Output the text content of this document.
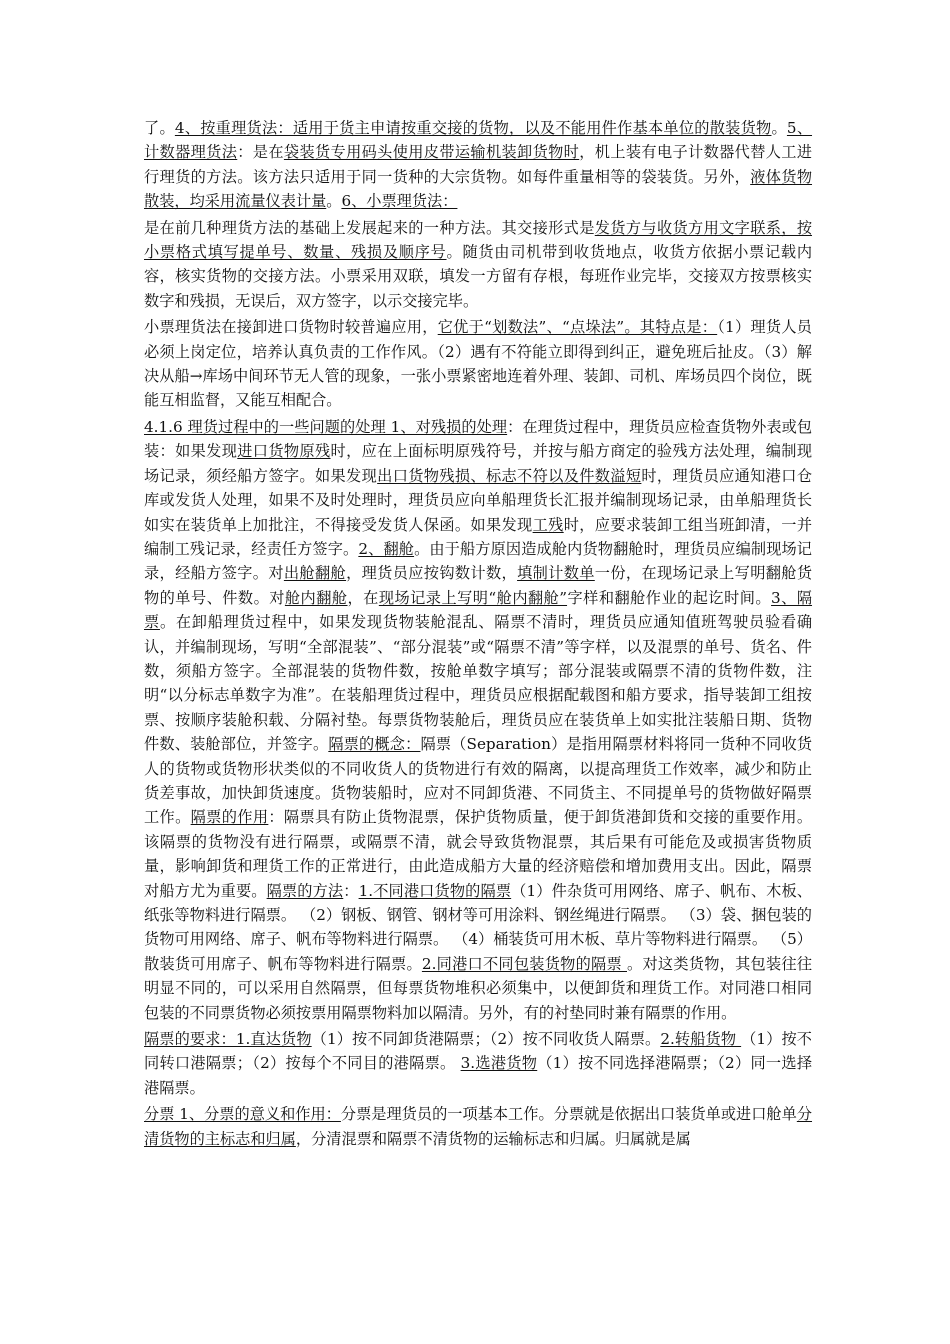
了。4、按重理货法：适用于货主申请按重交接的货物，以及不能用件作基本单位的散装货物。5、计数器理货法：是在袋装货专用码头使用皮带运输机装卸货物时，机上装有电子计数器代替人工进行理货的方法。该方法只适用于同一货种的大宗货物。如每件重量相等的袋装货。另外，液体货物散装，均采用流量仪表计量。6、小票理货法：

是在前几种理货方法的基础上发展起来的一种方法。其交接形式是发货方与收货方用文字联系，按小票格式填写提单号、数量、残损及顺序号。随货由司机带到收货地点，收货方依据小票记载内容，核实货物的交接方法。小票采用双联，填发一方留有存根，每班作业完毕，交接双方按票核实数字和残损，无误后，双方签字，以示交接完毕。

小票理货法在接卸进口货物时较普遍应用，它优于“划数法”、“点垛法”。其特点是：（1）理货人员必须上岗定位，培养认真负责的工作作风。（2）遇有不符能立即得到纠正，避免班后扯皮。（3）解决从船→库场中间环节无人管的现象，一张小票紧密地连着外理、装卸、司机、库场员四个岗位，既能互相监督，又能互相配合。

4.1.6 理货过程中的一些问题的处理 1、对残损的处理：在理货过程中，理货员应检查货物外表或包装：如果发现进口货物原残时，应在上面标明原残符号，并按与船方商定的验残方法处理，编制现场记录，须经船方签字。如果发现出口货物残损、标志不符以及件数溢短时，理货员应通知港口仓库或发货人处理，如果不及时处理时，理货员应向单船理货长汇报并编制现场记录，由单船理货长如实在装货单上加批注，不得接受发货人保函。如果发现工残时，应要求装卸工组当班卸清，一并编制工残记录，经责任方签字。2、翻舱。由于船方原因造成舱内货物翻舱时，理货员应编制现场记录，经船方签字。对出舱翻舱，理货员应按钩数计数，填制计数单一份，在现场记录上写明翻舱货物的单号、件数。对舱内翻舱，在现场记录上写明“舱内翻舱”字样和翻舱作业的起讫时间。3、隔票。在卸船理货过程中，如果发现货物装舱混乱、隔票不清时，理货员应通知值班驾驶员验看确认，并编制现场，写明“全部混装”、“部分混装”或“隔票不清”等字样，以及混票的单号、货名、件数，须船方签字。全部混装的货物件数，按舱单数字填写；部分混装或隔票不清的货物件数，注明“以分标志单数字为准”。在装船理货过程中，理货员应根据配载图和船方要求，指导装卸工组按票、按顺序装舱积载、分隔衬垫。每票货物装舱后，理货员应在装货单上如实批注装船日期、货物件数、装舱部位，并签字。隔票的概念：隔票（Separation）是指用隔票材料将同一货种不同收货人的货物或货物形状类似的不同收货人的货物进行有效的隔离，以提高理货工作效率，减少和防止货差事故，加快卸货速度。货物装船时，应对不同卸货港、不同货主、不同提单号的货物做好隔票工作。隔票的作用：隔票具有防止货物混票，保护货物质量，便于卸货港卸货和交接的重要作用。该隔票的货物没有进行隔票，或隔票不清，就会导致货物混票，其后果有可能危及或损害货物质量，影响卸货和理货工作的正常进行，由此造成船方大量的经济赔偿和增加费用支出。因此，隔票对船方尤为重要。隔票的方法：1.不同港口货物的隔票（1）件杂货可用网络、席子、帆布、木板、纸张等物料进行隔票。 （2）钢板、钢管、钢材等可用涂料、钢丝绳进行隔票。 （3）袋、捆包装的货物可用网络、席子、帆布等物料进行隔票。 （4）桶装货可用木板、草片等物料进行隔票。 （5）散装货可用席子、帆布等物料进行隔票。2.同港口不同包装货物的隔票 。对这类货物，其包装往往明显不同的，可以采用自然隔票，但每票货物堆积必须集中，以便卸货和理货工作。对同港口相同包装的不同票货物必须按票用隔票物料加以隔清。另外，有的衬垫同时兼有隔票的作用。

隔票的要求：1.直达货物（1）按不同卸货港隔票；（2）按不同收货人隔票。2.转船货物 （1）按不同转口港隔票；（2）按每个不同目的港隔票。 3.选港货物（1）按不同选择港隔票；（2）同一选择港隔票。

分票 1、分票的意义和作用：分票是理货员的一项基本工作。分票就是依据出口装货单或进口舱单分清货物的主标志和归属，分清混票和隔票不清货物的运输标志和归属。归属就是属
